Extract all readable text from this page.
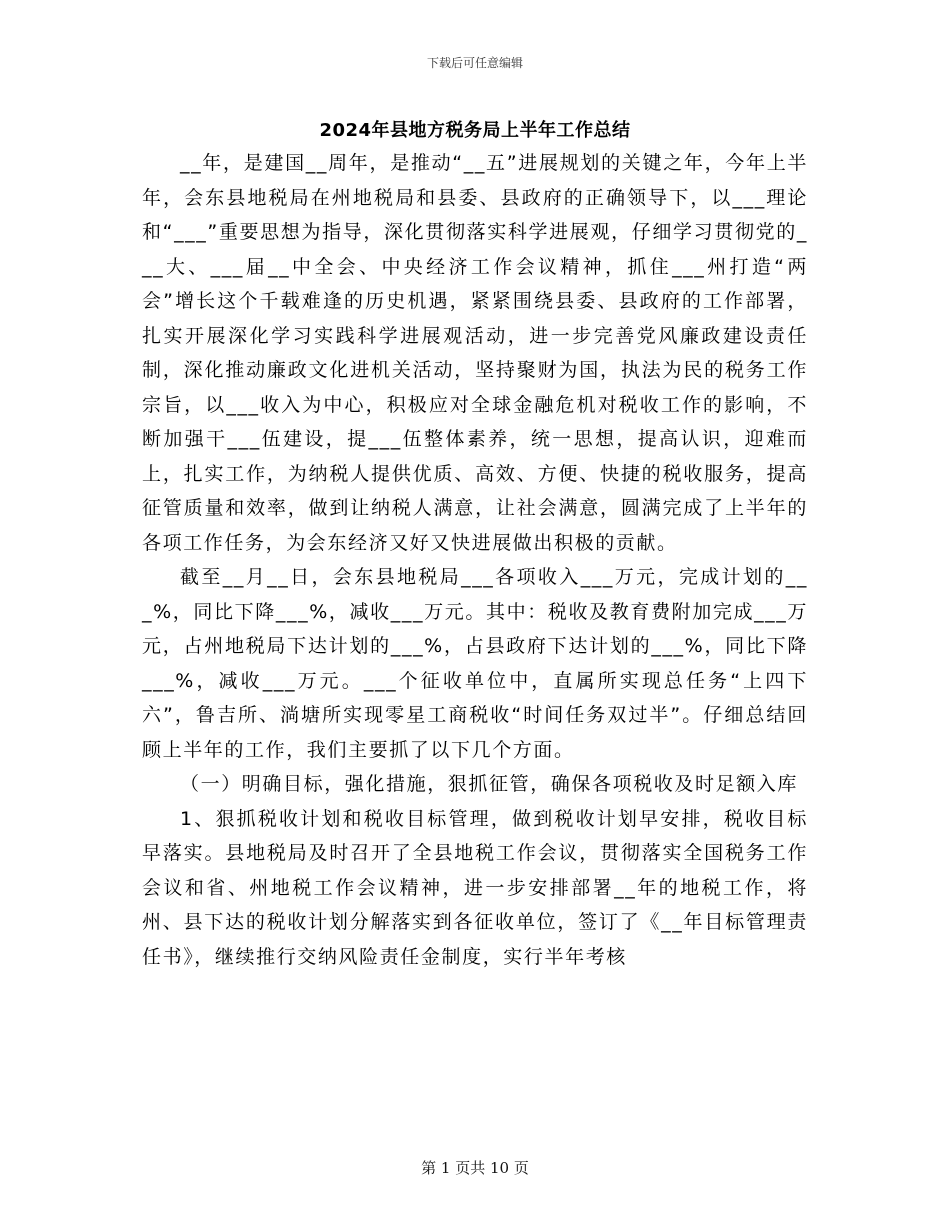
下载后可任意编辑
2024年县地方税务局上半年工作总结

__年，是建国__周年，是推动“__五”进展规划的关键之年，今年上半年，会东县地税局在州地税局和县委、县政府的正确领导下，以___理论和“___”重要思想为指导，深化贯彻落实科学进展观，仔细学习贯彻党的___大、___届__中全会、中央经济工作会议精神，抓住___州打造“两会”增长这个千载难逢的历史机遇，紧紧围绕县委、县政府的工作部署，扎实开展深化学习实践科学进展观活动，进一步完善党风廉政建设责任制，深化推动廉政文化进机关活动，坚持聚财为国，执法为民的税务工作宗旨，以___收入为中心，积极应对全球金融危机对税收工作的影响，不断加强干___伍建设，提___伍整体素养，统一思想，提高认识，迎难而上，扎实工作，为纳税人提供优质、高效、方便、快捷的税收服务，提高征管质量和效率，做到让纳税人满意，让社会满意，圆满完成了上半年的各项工作任务，为会东经济又好又快进展做出积极的贡献。

截至__月__日，会东县地税局___各项收入___万元，完成计划的___%，同比下降___%，减收___万元。其中：税收及教育费附加完成___万元，占州地税局下达计划的___%，占县政府下达计划的___%，同比下降___%，减收___万元。___个征收单位中，直属所实现总任务“上四下六”，鲁吉所、淌塘所实现零星工商税收“时间任务双过半”。仔细总结回顾上半年的工作，我们主要抓了以下几个方面。

（一）明确目标，强化措施，狠抓征管，确保各项税收及时足额入库

1、狠抓税收计划和税收目标管理，做到税收计划早安排，税收目标早落实。县地税局及时召开了全县地税工作会议，贯彻落实全国税务工作会议和省、州地税工作会议精神，进一步安排部署__年的地税工作，将州、县下达的税收计划分解落实到各征收单位，签订了《__年目标管理责任书》，继续推行交纳风险责任金制度，实行半年考核

第 1 页共 10 页
